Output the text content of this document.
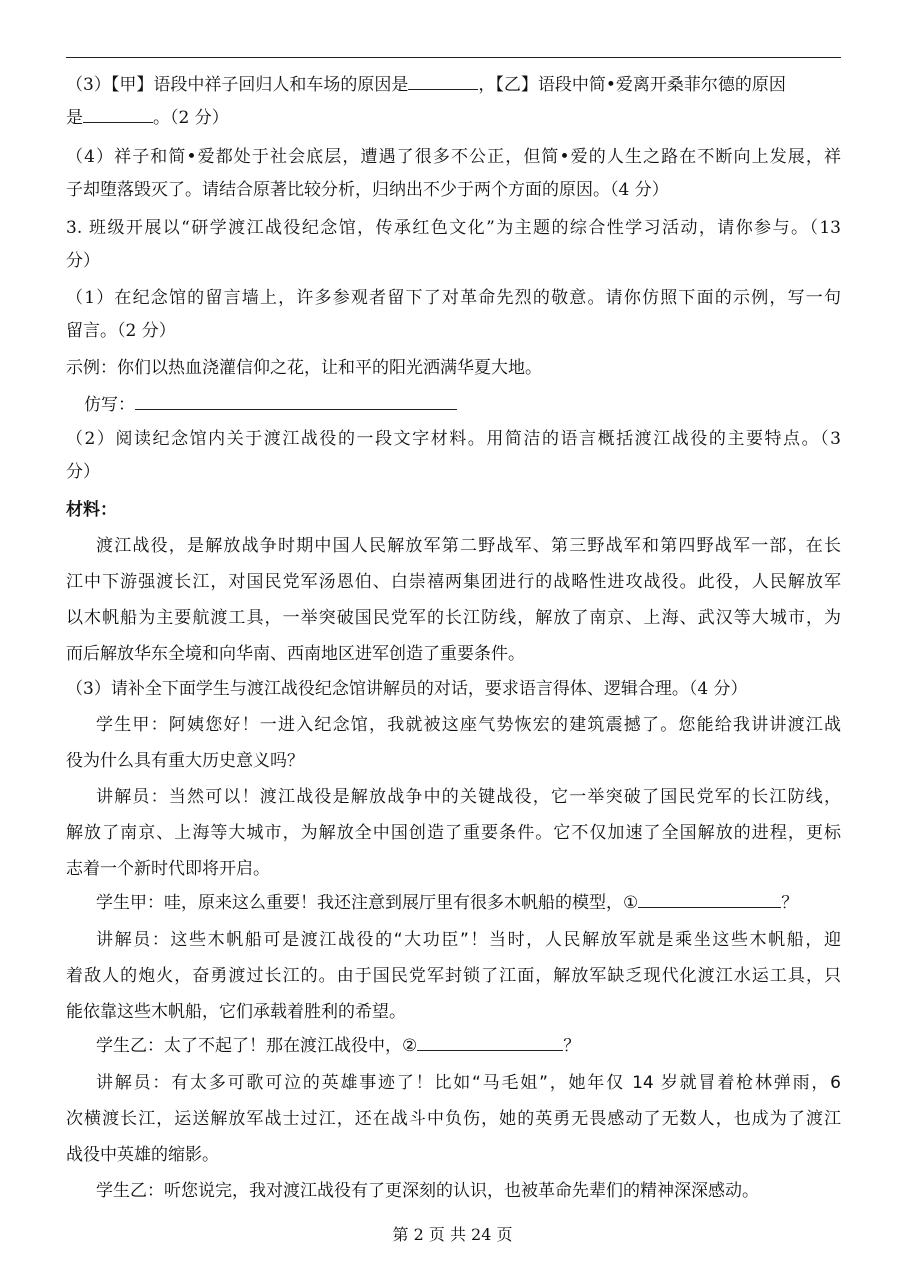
（3）【甲】语段中祥子回归人和车场的原因是	，【乙】语段中简•爱离开桑菲尔德的原因
是	。（2 分）
（4）祥子和简•爱都处于社会底层，遭遇了很多不公正，但简•爱的人生之路在不断向上发展，祥
子却堕落毁灭了。请结合原著比较分析，归纳出不少于两个方面的原因。（4 分）
3. 班级开展以“研学渡江战役纪念馆，传承红色文化”为主题的综合性学习活动，请你参与。（13
分）
（1）在纪念馆的留言墙上，许多参观者留下了对革命先烈的敬意。请你仿照下面的示例，写一句
留言。（2 分）
示例：你们以热血浇灌信仰之花，让和平的阳光洒满华夏大地。
仿写：
（2）阅读纪念馆内关于渡江战役的一段文字材料。用简洁的语言概括渡江战役的主要特点。（3
分）
材料：
渡江战役，是解放战争时期中国人民解放军第二野战军、第三野战军和第四野战军一部，在长
江中下游强渡长江，对国民党军汤恩伯、白崇禧两集团进行的战略性进攻战役。此役，人民解放军
以木帆船为主要航渡工具，一举突破国民党军的长江防线，解放了南京、上海、武汉等大城市，为
而后解放华东全境和向华南、西南地区进军创造了重要条件。
（3）请补全下面学生与渡江战役纪念馆讲解员的对话，要求语言得体、逻辑合理。（4 分）
学生甲：阿姨您好！一进入纪念馆，我就被这座气势恢宏的建筑震撼了。您能给我讲讲渡江战
役为什么具有重大历史意义吗？
讲解员：当然可以！渡江战役是解放战争中的关键战役，它一举突破了国民党军的长江防线，
解放了南京、上海等大城市，为解放全中国创造了重要条件。它不仅加速了全国解放的进程，更标
志着一个新时代即将开启。
学生甲：哇，原来这么重要！我还注意到展厅里有很多木帆船的模型，①	？
讲解员：这些木帆船可是渡江战役的“大功臣”！当时，人民解放军就是乘坐这些木帆船，迎
着敌人的炮火，奋勇渡过长江的。由于国民党军封锁了江面，解放军缺乏现代化渡江水运工具，只
能依靠这些木帆船，它们承载着胜利的希望。
学生乙：太了不起了！那在渡江战役中，②	？
讲解员：有太多可歌可泣的英雄事迹了！比如“马毛姐”，她年仅 14 岁就冒着枪林弹雨，6
次横渡长江，运送解放军战士过江，还在战斗中负伤，她的英勇无畏感动了无数人，也成为了渡江
战役中英雄的缩影。
学生乙：听您说完，我对渡江战役有了更深刻的认识，也被革命先辈们的精神深深感动。
第 2 页 共 24 页
